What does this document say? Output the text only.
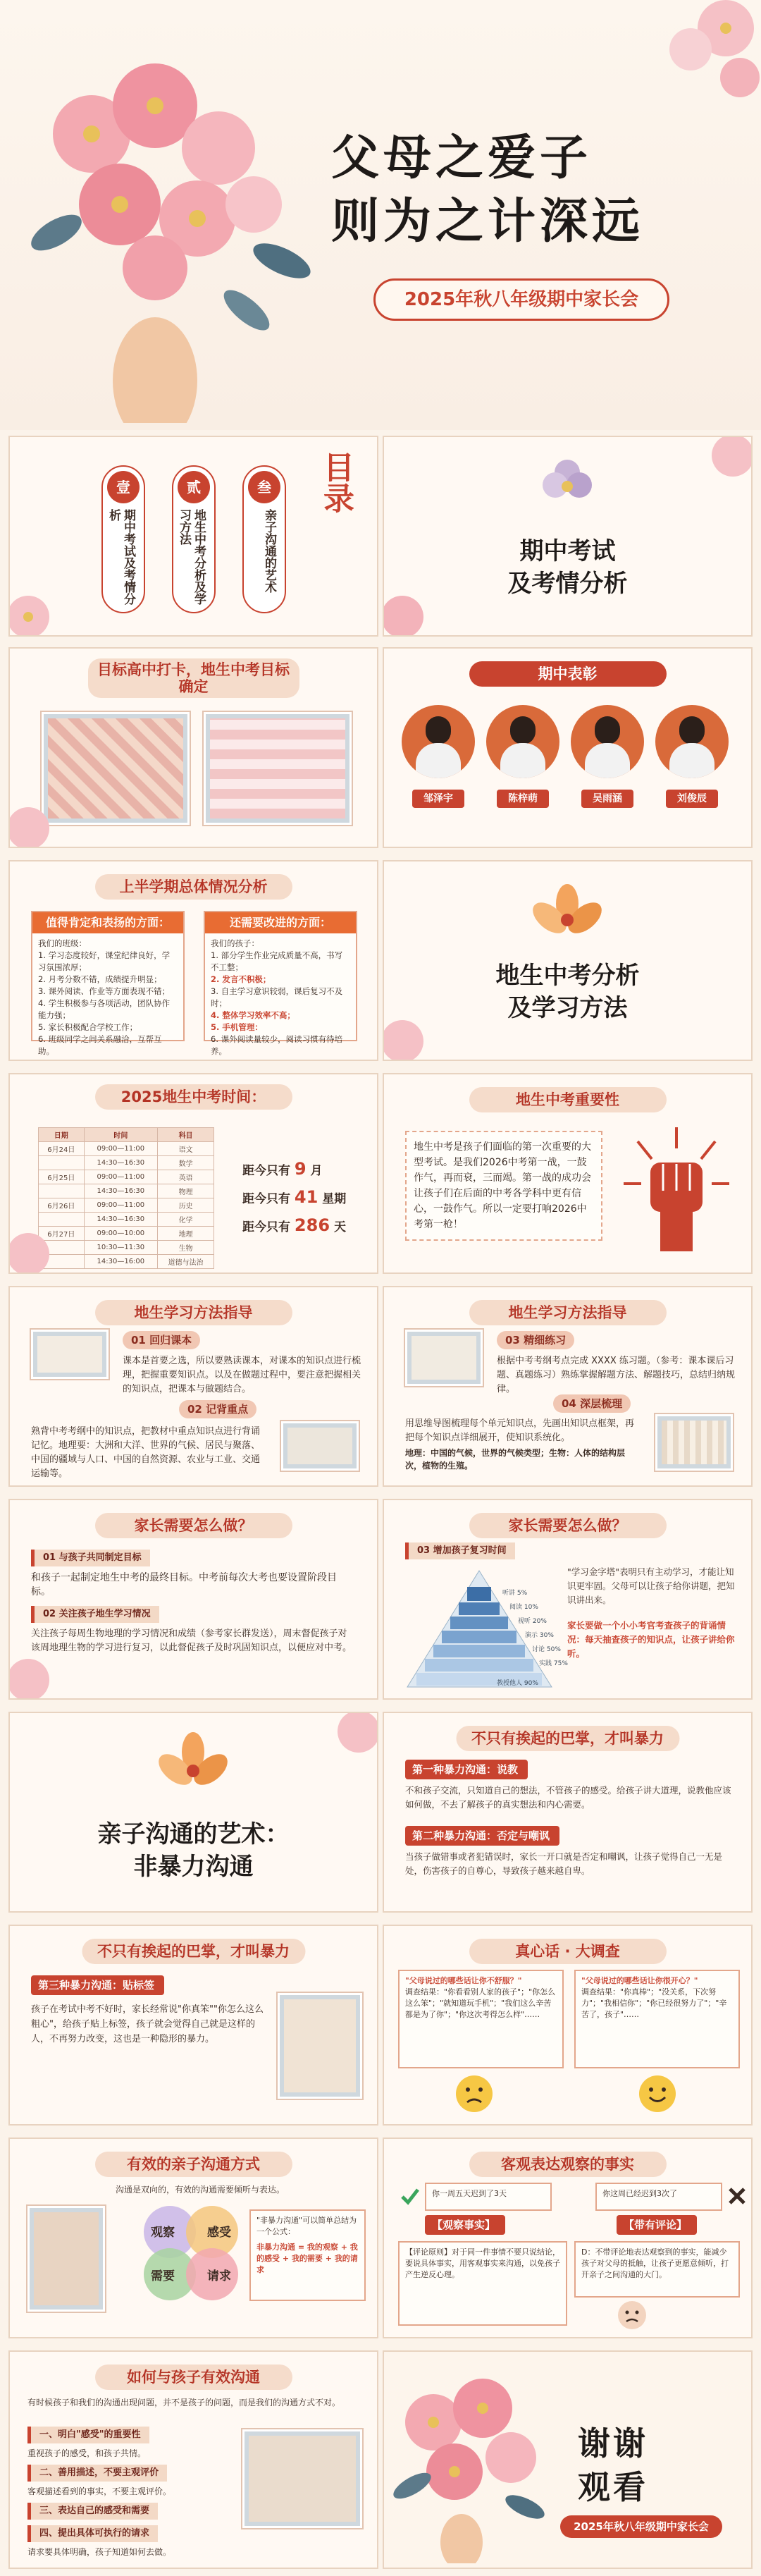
父母之爱子
则为之计深远
2025年秋八年级期中家长会
壹
期中考试及考情分析
贰
地生中考分析及学习方法
叁
亲子沟通的艺术
目录
期中考试
及考情分析
目标高中打卡，地生中考目标确定
期中表彰
邹泽宇	陈梓萌	吴雨涵	刘俊辰
上半学期总体情况分析
值得肯定和表扬的方面：
我们的班级：
1. 学习态度较好，课堂纪律良好，学习氛围浓厚；
2. 月考分数不错，成绩提升明显；
3. 课外阅读、作业等方面表现不错；
4. 学生积极参与各项活动，团队协作能力强；
5. 家长积极配合学校工作；
6. 班级同学之间关系融洽，互帮互助。
还需要改进的方面：
我们的孩子：
1. 部分学生作业完成质量不高，书写不工整；
2. 发言不积极；
3. 自主学习意识较弱，课后复习不及时；
4. 整体学习效率不高；
5. 手机管理：
6. 课外阅读量较少，阅读习惯有待培养。
地生中考分析
及学习方法
2025地生中考时间：
日期	时间	科目
6月24日	09:00—11:00	语文
	14:30—16:30	数学
6月25日	09:00—11:00	英语
	14:30—16:30	物理
6月26日	09:00—11:00	历史
	14:30—16:30	化学
6月27日	09:00—10:00	地理
	10:30—11:30	生物
	14:30—16:00	道德与法治
距今只有 9 月
距今只有 41 星期
距今只有 286 天
地生中考重要性
地生中考是孩子们面临的第一次重要的大型考试。是我们2026中考第一战，一鼓作气，再而衰，三而竭。第一战的成功会让孩子们在后面的中考各学科中更有信心，一鼓作气。所以一定要打响2026中考第一枪！
地生学习方法指导
01 回归课本
课本是首要之选，所以要熟读课本，对课本的知识点进行梳理，把握重要知识点。以及在做题过程中，要注意把握相关的知识点，把课本与做题结合。
02 记背重点
熟背中考考纲中的知识点，把教材中重点知识点进行背诵记忆。地理要：大洲和大洋、世界的气候、居民与聚落、中国的疆域与人口、中国的自然资源、农业与工业、交通运输等。
地生学习方法指导
03 精细练习
根据中考考纲考点完成 XXXX 练习题。（参考：课本课后习题、真题练习）熟练掌握解题方法、解题技巧，总结归纳规律。
04 深层梳理
用思维导图梳理每个单元知识点，先画出知识点框架，再把每个知识点详细展开，使知识系统化。
地理：中国的气候，世界的气候类型；生物：人体的结构层次，植物的生殖。
家长需要怎么做？
01 与孩子共同制定目标
和孩子一起制定地生中考的最终目标。中考前每次大考也要设置阶段目标。
02 关注孩子地生学习情况
关注孩子每周生物地理的学习情况和成绩（参考家长群发送），周末督促孩子对该周地理生物的学习进行复习，以此督促孩子及时巩固知识点，以便应对中考。
家长需要怎么做？
03 增加孩子复习时间
听讲 5%
阅读 10%
视听 20%
演示 30%
讨论 50%
实践 75%
教授他人 90%
"学习金字塔"表明只有主动学习，才能让知识更牢固。父母可以让孩子给你讲题，把知识讲出来。
家长要做一个小小考官考查孩子的背诵情况：每天抽查孩子的知识点，让孩子讲给你听。
亲子沟通的艺术：
非暴力沟通
不只有挨起的巴掌，才叫暴力
第一种暴力沟通：说教
不和孩子交流，只知道自己的想法，不管孩子的感受。给孩子讲大道理，说教他应该如何做，不去了解孩子的真实想法和内心需要。
第二种暴力沟通：否定与嘲讽
当孩子做错事或者犯错误时，家长一开口就是否定和嘲讽，让孩子觉得自己一无是处，伤害孩子的自尊心，导致孩子越来越自卑。
不只有挨起的巴掌，才叫暴力
第三种暴力沟通：贴标签
孩子在考试中考不好时，家长经常说"你真笨""你怎么这么粗心"，给孩子贴上标签，孩子就会觉得自己就是这样的人，不再努力改变，这也是一种隐形的暴力。
真心话 · 大调查
"父母说过的哪些话让你不舒服？"
调查结果："你看看别人家的孩子"；"你怎么这么笨"；"就知道玩手机"；"我们这么辛苦都是为了你"；"你这次考得怎么样"……
"父母说过的哪些话让你很开心？"
调查结果："你真棒"；"没关系，下次努力"；"我相信你"；"你已经很努力了"；"辛苦了，孩子"……
有效的亲子沟通方式
沟通是双向的，有效的沟通需要倾听与表达。
观察	感受
需要	请求
"非暴力沟通"可以简单总结为一个公式：
非暴力沟通 = 我的观察 + 我的感受 + 我的需要 + 我的请求
客观表达观察的事实
你一周五天迟到了3天	你这周已经迟到3次了
【观察事实】	【带有评论】
【评论原则】对于同一件事情不要只说结论，要说具体事实，用客观事实来沟通，以免孩子产生逆反心理。
D：不带评论地表达观察到的事实，能减少孩子对父母的抵触，让孩子更愿意倾听，打开亲子之间沟通的大门。
如何与孩子有效沟通
有时候孩子和我们的沟通出现问题，并不是孩子的问题，而是我们的沟通方式不对。
一、明白"感受"的重要性
重视孩子的感受，和孩子共情。
二、善用描述，不要主观评价
客观描述看到的事实，不要主观评价。
三、表达自己的感受和需要
四、提出具体可执行的请求
请求要具体明确，孩子知道如何去做。
谢谢
观看
2025年秋八年级期中家长会
